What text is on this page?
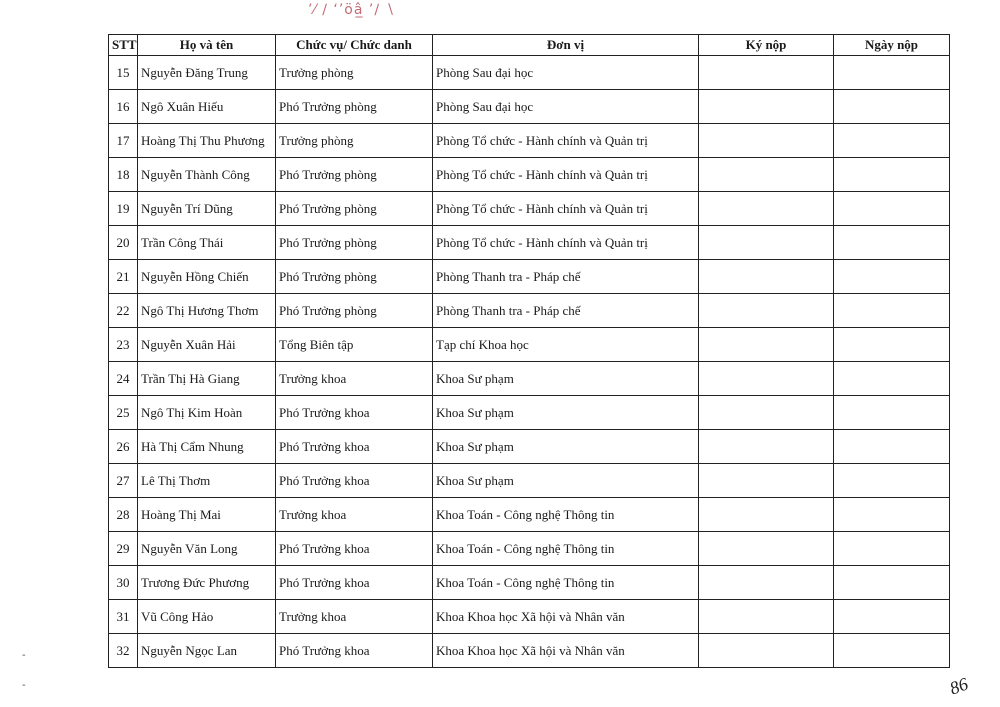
’⁄ ∕ ‘’öâ̲ ’∕ ∖
STT	Họ và tên	Chức vụ/ Chức danh	Đơn vị	Ký nộp	Ngày nộp
15	Nguyễn Đăng Trung	Trưởng phòng	Phòng Sau đại học		
16	Ngô Xuân Hiếu	Phó Trưởng phòng	Phòng Sau đại học		
17	Hoàng Thị Thu Phương	Trưởng phòng	Phòng Tổ chức - Hành chính và Quản trị		
18	Nguyễn Thành Công	Phó Trưởng phòng	Phòng Tổ chức - Hành chính và Quản trị		
19	Nguyễn Trí Dũng	Phó Trưởng phòng	Phòng Tổ chức - Hành chính và Quản trị		
20	Trần Công Thái	Phó Trưởng phòng	Phòng Tổ chức - Hành chính và Quản trị		
21	Nguyễn Hồng Chiến	Phó Trưởng phòng	Phòng Thanh tra - Pháp chế		
22	Ngô Thị Hương Thơm	Phó Trưởng phòng	Phòng Thanh tra - Pháp chế		
23	Nguyễn Xuân Hải	Tổng Biên tập	Tạp chí Khoa học		
24	Trần Thị Hà Giang	Trưởng khoa	Khoa Sư phạm		
25	Ngô Thị Kim Hoàn	Phó Trưởng khoa	Khoa Sư phạm		
26	Hà Thị Cẩm Nhung	Phó Trưởng khoa	Khoa Sư phạm		
27	Lê Thị Thơm	Phó Trưởng khoa	Khoa Sư phạm		
28	Hoàng Thị Mai	Trưởng khoa	Khoa Toán - Công nghệ Thông tin		
29	Nguyễn Văn Long	Phó Trưởng khoa	Khoa Toán - Công nghệ Thông tin		
30	Trương Đức Phương	Phó Trưởng khoa	Khoa Toán - Công nghệ Thông tin		
31	Vũ Công Hảo	Trưởng khoa	Khoa Khoa học Xã hội và Nhân văn		
32	Nguyễn Ngọc Lan	Phó Trưởng khoa	Khoa Khoa học Xã hội và Nhân văn		
-
-	86
